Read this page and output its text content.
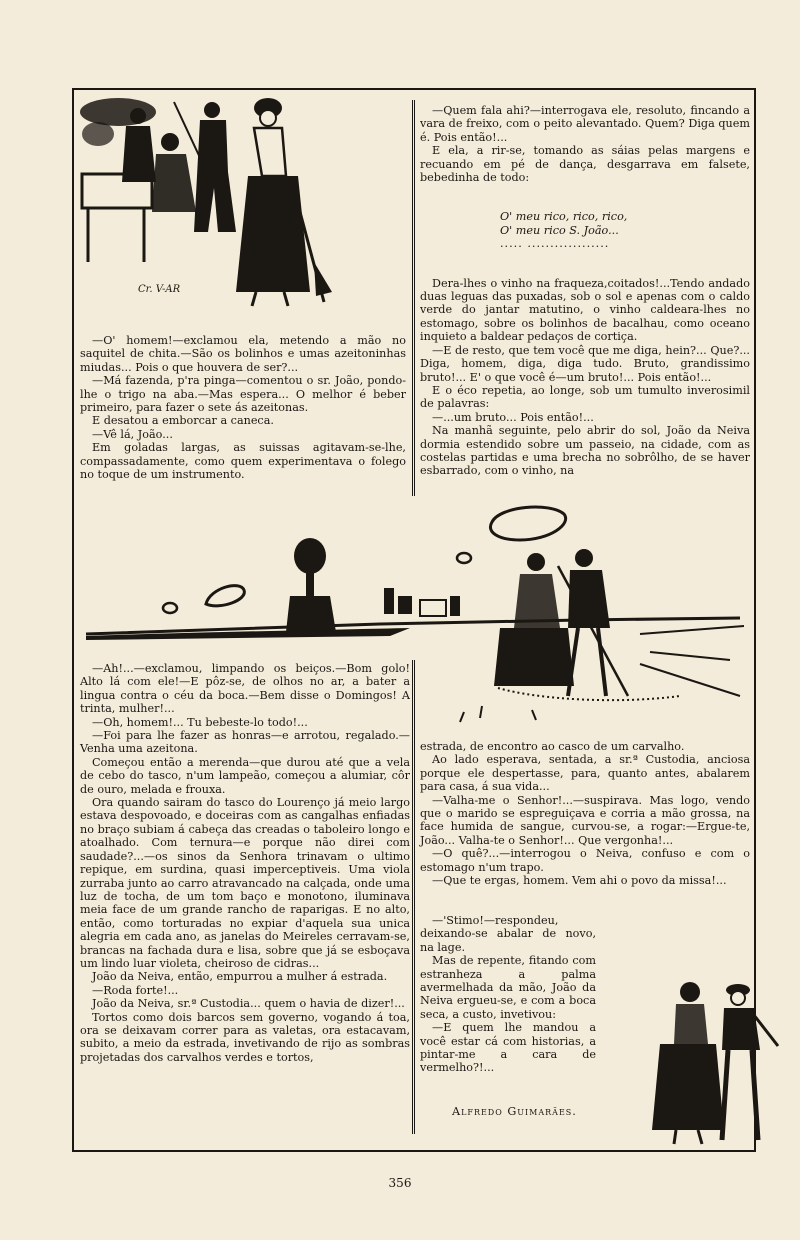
Cr. V-AR

—Quem fala ahi?—interrogava ele, resoluto, fincando a vara de freixo, com o peito alevantado. Quem? Diga quem é. Pois então!...

E ela, a rir-se, tomando as sáias pelas margens e recuando em pé de dança, desgarrava em falsete, bebedinha de todo:

O' meu rico, rico, rico,

O' meu rico S. João...

..... ..................

Dera-lhes o vinho na fraqueza,coitados!...Tendo andado duas leguas das puxadas, sob o sol e apenas com o caldo verde do jantar matutino, o vinho caldeara-lhes no estomago, sobre os bolinhos de bacalhau, como oceano inquieto a baldear pedaços de cortiça.

—E de resto, que tem você que me diga, hein?... Que?... Diga, homem, diga, diga tudo. Bruto, grandissimo bruto!... E' o que você é—um bruto!... Pois então!...

E o éco repetia, ao longe, sob um tumulto inverosimil de palavras:

—...um bruto... Pois então!...

Na manhã seguinte, pelo abrir do sol, João da Neiva dormia estendido sobre um passeio, na cidade, com as costelas partidas e uma brecha no sobrôlho, de se haver esbarrado, com o vinho, na

—O' homem!—exclamou ela, metendo a mão no saquitel de chita.—São os bolinhos e umas azeitoninhas miudas... Pois o que houvera de ser?...

—Má fazenda, p'ra pinga—comentou o sr. João, pondo-lhe o trigo na aba.—Mas espera... O melhor é beber primeiro, para fazer o sete ás azeitonas.

E desatou a emborcar a caneca.

—Vê lá, João...

Em goladas largas, as suissas agitavam-se-lhe, compassadamente, como quem experimentava o folego no toque de um instrumento.

—Ah!...—exclamou, limpando os beiços.—Bom golo! Alto lá com ele!—E pôz-se, de olhos no ar, a bater a lingua contra o céu da boca.—Bem disse o Domingos! A trinta, mulher!...

—Oh, homem!... Tu bebeste-lo todo!...

—Foi para lhe fazer as honras—e arrotou, regalado.—Venha uma azeitona.

Começou então a merenda—que durou até que a vela de cebo do tasco, n'um lampeão, começou a alumiar, côr de ouro, melada e frouxa.

Ora quando sairam do tasco do Lourenço já meio largo estava despovoado, e doceiras com as cangalhas enfiadas no braço subiam á cabeça das creadas o taboleiro longo e atoalhado. Com ternura—e porque não direi com saudade?...—os sinos da Senhora trinavam o ultimo repique, em surdina, quasi imperceptiveis. Uma viola zurraba junto ao carro atravancado na calçada, onde uma luz de tocha, de um tom baço e monotono, iluminava meia face de um grande rancho de raparigas. E no alto, então, como torturadas no expiar d'aquela sua unica alegria em cada ano, as janelas do Meireles cerravam-se, brancas na fachada dura e lisa, sobre que já se esboçava um lindo luar violeta, cheiroso de cidras...

João da Neiva, então, empurrou a mulher á estrada.

—Roda forte!...

João da Neiva, sr.ª Custodia... quem o havia de dizer!...

Tortos como dois barcos sem governo, vogando á toa, ora se deixavam correr para as valetas, ora estacavam, subito, a meio da estrada, invetivando de rijo as sombras projetadas dos carvalhos verdes e tortos,

estrada, de encontro ao casco de um carvalho.

Ao lado esperava, sentada, a sr.ª Custodia, anciosa porque ele despertasse, para, quanto antes, abalarem para casa, á sua vida...

—Valha-me o Senhor!...—suspirava. Mas logo, vendo que o marido se espreguiçava e corria a mão grossa, na face humida de sangue, curvou-se, a rogar:—Ergue-te, João... Valha-te o Senhor!... Que vergonha!...

—O quê?...—interrogou o Neiva, confuso e com o estomago n'um trapo.

—Que te ergas, homem. Vem ahi o povo da missa!...

—'Stimo!—respondeu, deixando-se abalar de novo, na lage.

Mas de repente, fitando com estranheza a palma avermelhada da mão, João da Neiva ergueu-se, e com a boca seca, a custo, invetivou:

—E quem lhe mandou a você estar cá com historias, a pintar-me a cara de vermelho?!...

Alfredo Guimarães.

356
